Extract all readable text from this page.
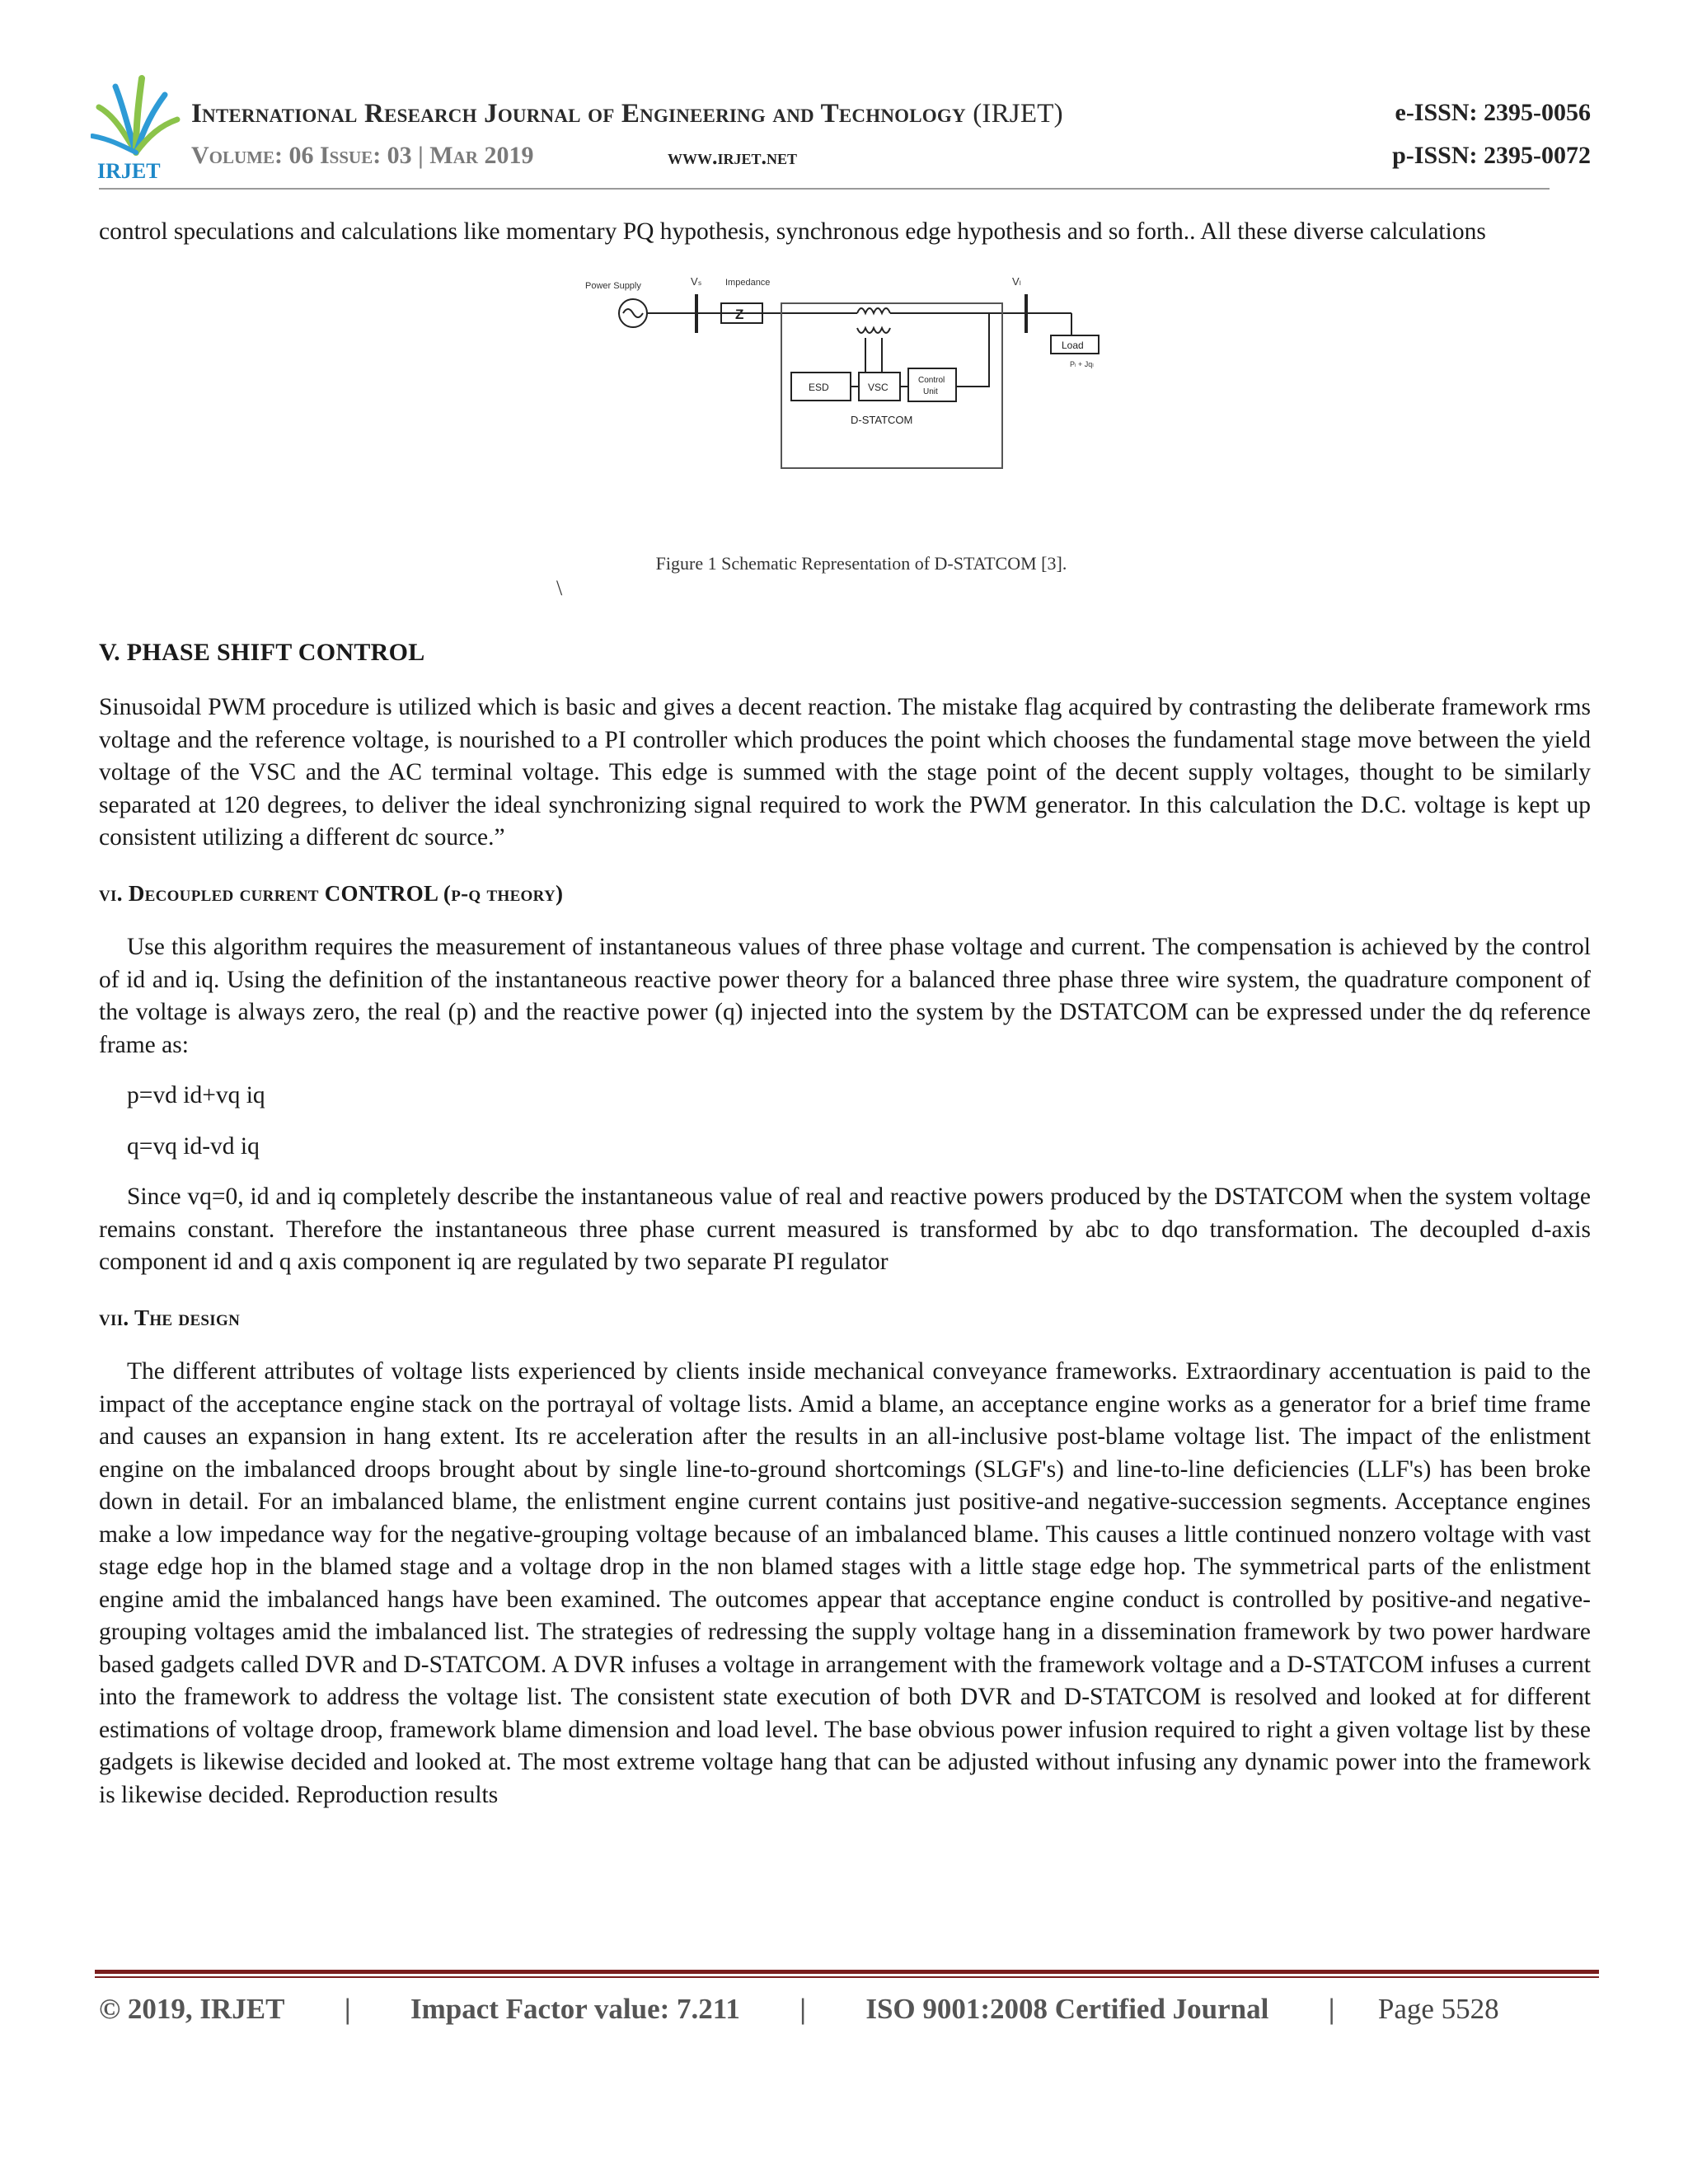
IRJET
International Research Journal of Engineering and Technology (IRJET)
Volume: 06 Issue: 03 | Mar 2019	www.irjet.net
e-ISSN: 2395-0056
p-ISSN: 2395-0072

control speculations and calculations like momentary PQ hypothesis, synchronous edge hypothesis and so forth.. All these diverse calculations

Power Supply	Vₛ	Impedance	Vₗ
Z
Load
Pₗ + Jqₗ
ESD	VSC
Control
Unit
D-STATCOM
Figure 1 Schematic Representation of D-STATCOM [3].
\
V. PHASE SHIFT CONTROL

Sinusoidal PWM procedure is utilized which is basic and gives a decent reaction. The mistake flag acquired by contrasting the deliberate framework rms voltage and the reference voltage, is nourished to a PI controller which produces the point which chooses the fundamental stage move between the yield voltage of the VSC and the AC terminal voltage. This edge is summed with the stage point of the decent supply voltages, thought to be similarly separated at 120 degrees, to deliver the ideal synchronizing signal required to work the PWM generator. In this calculation the D.C. voltage is kept up consistent utilizing a different dc source.”

vi. Decoupled current CONTROL (p-q theory)

Use this algorithm requires the measurement of instantaneous values of three phase voltage and current. The compensation is achieved by the control of id and iq. Using the definition of the instantaneous reactive power theory for a balanced three phase three wire system, the quadrature component of the voltage is always zero, the real (p) and the reactive power (q) injected into the system by the DSTATCOM can be expressed under the dq reference frame as:

p=vd id+vq iq

q=vq id-vd iq

Since vq=0, id and iq completely describe the instantaneous value of real and reactive powers produced by the DSTATCOM when the system voltage remains constant. Therefore the instantaneous three phase current measured is transformed by abc to dqo transformation. The decoupled d-axis component id and q axis component iq are regulated by two separate PI regulator

vii. The design

The different attributes of voltage lists experienced by clients inside mechanical conveyance frameworks. Extraordinary accentuation is paid to the impact of the acceptance engine stack on the portrayal of voltage lists. Amid a blame, an acceptance engine works as a generator for a brief time frame and causes an expansion in hang extent. Its re acceleration after the results in an all-inclusive post-blame voltage list. The impact of the enlistment engine on the imbalanced droops brought about by single line-to-ground shortcomings (SLGF's) and line-to-line deficiencies (LLF's) has been broke down in detail. For an imbalanced blame, the enlistment engine current contains just positive-and negative-succession segments. Acceptance engines make a low impedance way for the negative-grouping voltage because of an imbalanced blame. This causes a little continued nonzero voltage with vast stage edge hop in the blamed stage and a voltage drop in the non blamed stages with a little stage edge hop. The symmetrical parts of the enlistment engine amid the imbalanced hangs have been examined. The outcomes appear that acceptance engine conduct is controlled by positive-and negative-grouping voltages amid the imbalanced list. The strategies of redressing the supply voltage hang in a dissemination framework by two power hardware based gadgets called DVR and D-STATCOM. A DVR infuses a voltage in arrangement with the framework voltage and a D-STATCOM infuses a current into the framework to address the voltage list. The consistent state execution of both DVR and D-STATCOM is resolved and looked at for different estimations of voltage droop, framework blame dimension and load level. The base obvious power infusion required to right a given voltage list by these gadgets is likewise decided and looked at. The most extreme voltage hang that can be adjusted without infusing any dynamic power into the framework is likewise decided. Reproduction results

© 2019, IRJET | Impact Factor value: 7.211 | ISO 9001:2008 Certified Journal | Page 5528
